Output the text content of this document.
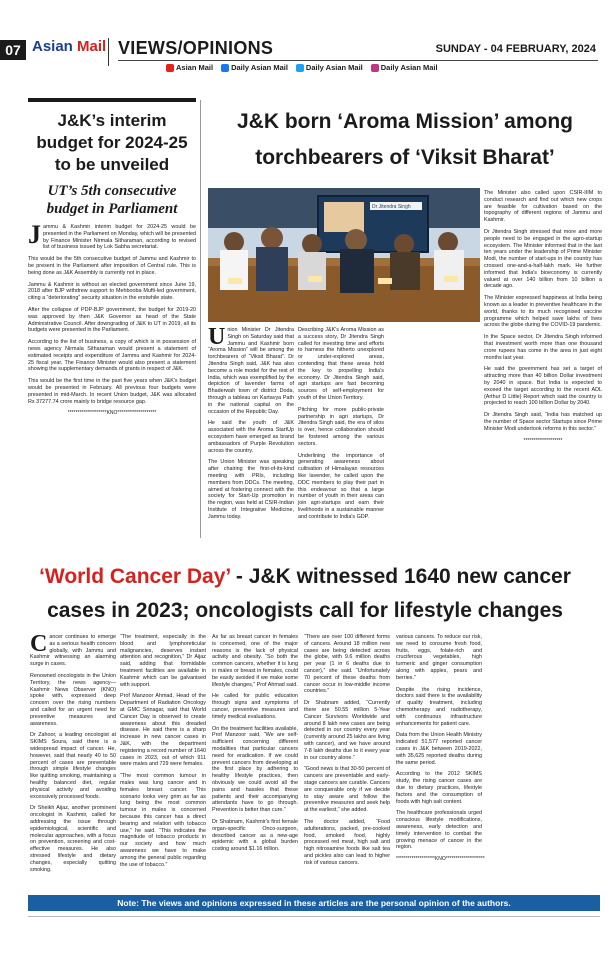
07 Asian Mail VIEWS/OPINIONS	SUNDAY - 04 FEBRUARY, 2024
Asian Mail Daily Asian Mail Daily Asian Mail Daily Asian Mail
J&K’s interim budget for 2024-25 to be unveiled
UT’s 5th consecutive budget in Parliament

Jammu & Kashmir interim budget for 2024-25 would be presented in the Parliament on Monday, which will be presented by Finance Minister Nirmala Sitharaman, according to revised list of business issued by Lok Sabha secretariat.

This would be the 5th consecutive budget of Jammu and Kashmir to be present in the Parliament after imposition of Central rule. This is being done as J&K Assembly is currently not in place.

Jammu & Kashmir is without an elected government since June 19, 2018 after BJP withdrew support to Mehbooba Mufti-led government, citing a “deteriorating” security situation in the erstwhile state.

After the collapse of PDP-BJP government, the budget for 2019-20 was approved by then J&K Governor as head of the State Administrative Council. After downgrading of J&K to UT in 2019, all its budgets were presented in the Parliament.

According to the list of business, a copy of which is in possession of news agency Nirmala Sitharaman would present a statement of estimated receipts and expenditure of Jammu and Kashmir for 2024-25 fiscal year. The Finance Minister would also present a statement showing the supplementary demands of grants in respect of J&K.

This would be the first time in the past five years when J&K's budget would be presented in February. All previous four budgets were presented in mid-March. In recent Union budget, J&K was allocated Rs 37277.74 crore mainly to bridge resource gap.

********************KNO********************
J&K born ‘Aroma Mission’ among torchbearers of ‘Viksit Bharat’
Dr Jitendra Singh

Union Minister Dr Jitendra Singh on Saturday said that Jammu and Kashmir born “Aroma Mission” will be among the torchbearers of “Viksit Bharat”. Dr Jitendra Singh said, J&K has also become a role model for the rest of India, which was exemplified by the depiction of lavender farms of Bhaderwah town of district Doda, through a tableau on Kartavya Path in the national capital on the occasion of the Republic Day.

He said the youth of J&K associated with the Aroma StartUp ecosystem have emerged as brand ambassadors of Purple Revolution across the country.

The Union Minister was speaking after chairing the first-of-its-kind meeting with PRIs, including members from DDCs. The meeting, aimed at fostering connect with the society for Start-Up promotion in the region, was held at CSIR-Indian Institute of Integrative Medicine, Jammu today.

Describing J&K's Aroma Mission as a success story, Dr Jitendra Singh called for investing time and efforts to harness the hitherto unexplored or under-explored areas, contending that these areas hold the key to propelling India's economy. Dr Jitendra Singh said, agri startups are fast becoming sources of self-employment for youth of the Union Territory.

Pitching for more public-private partnership in agri startups, Dr Jitendra Singh said, the era of silos is over, hence collaboration should be fostered among the various sectors.

Underlining the importance of generating awareness about cultivation of Himalayan resources like lavender, he called upon the DDC members to play their part in this endeavour so that a large number of youth in their areas can join agri-startups and earn their livelihoods in a sustainable manner and contribute to India's GDP.

The Minister also called upon CSIR-IIIM to conduct research and find out which new crops are feasible for cultivation based on the topography of different regions of Jammu and Kashmir.

Dr Jitendra Singh stressed that more and more people need to be engaged in the agro-startup ecosystem. The Minister informed that in the last ten years under the leadership of Prime Minister Modi, the number of start-ups in the country has crossed one-and-a-half-lakh mark. He further informed that India's bioeconomy is currently valued at over 140 billion from 10 billion a decade ago.

The Minister expressed happiness at India being known as a leader in preventive healthcare in the world, thanks to its much recognised vaccine programme which helped save lakhs of lives across the globe during the COVID-19 pandemic.

In the Space sector, Dr Jitendra Singh informed that investment worth more than one thousand crore rupees has come in the area in just eight months last year.

He said the government has set a target of attracting more than 40 billion Dollar investment by 2040 in space. But India is expected to exceed the target according to the recent ADL (Arthur D Little) Report which said the country is projected to reach 100 billion Dollar by 2040.

Dr Jitendra Singh said, “India has matched up the number of Space sector Startups since Prime Minister Modi undertook reforms in this sector.”

********************

‘World Cancer Day’ - J&K witnessed 1640 new cancer cases in 2023; oncologists call for lifestyle changes

Cancer continues to emerge as a serious health concern globally, with Jammu and Kashmir witnessing an alarming surge in cases.

Renowned oncologists in the Union Territory, the news agency—Kashmir News Observer (KNO) spoke with, expressed deep concern over the rising numbers and called for an urgent need for preventive measures and awareness.

Dr Zahoor, a leading oncologist at SKIMS Soura, said there is a widespread impact of cancer. He, however, said that nearly 40 to 50 percent of cases are preventable through simple lifestyle changes like quitting smoking, maintaining a healthy balanced diet, regular physical activity and avoiding excessively processed foods.

Dr Sheikh Aijaz, another prominent oncologist in Kashmir, called for addressing the issue through epidemiological, scientific and molecular approaches, with a focus on prevention, screening and cost-effective measures. He also stressed lifestyle and dietary changes, especially quitting smoking.

“The treatment, especially in the blood and lymphoreticular malignancies, deserves instant attention and recognition,” Dr Aijaz said, adding that formidable treatment facilities are available in Kashmir which can be galvanised with support.

Prof Manzoor Ahmad, Head of the Department of Radiation Oncology at GMC Srinagar, said that World Cancer Day is observed to create awareness about this dreaded disease. He said there is a sharp increase in new cancer cases in J&K, with the department registering a record number of 1640 cases in 2023, out of which 911 were males and 729 were females.

“The most common tumour in males was lung cancer and in females breast cancer. This scenario looks very grim as far as lung being the most common tumour in males is concerned because this cancer has a direct bearing and relation with tobacco use,” he said. “This indicates the magnitude of tobacco products in our society and how much awareness we have to make among the general public regarding the use of tobacco.”

As far as breast cancer in females is concerned, one of the major reasons is the lack of physical activity and obesity. “So both the common cancers, whether it is lung in males or breast in females, could be easily avoided if we make some lifestyle changes,” Prof Ahmad said.

He called for public education through signs and symptoms of cancer, preventive measures and timely medical evaluations.

On the treatment facilities available, Prof Manzoor said, “We are self-sufficient concerning different modalities that particular cancers need for eradication. If we could prevent cancers from developing at the first place by adhering to healthy lifestyle practices, then obviously we could avoid all the pains and hassles that these patients and their accompanying attendants have to go through. Prevention is better than cure.”

Dr Shabnam, Kashmir's first female organ-specific Onco-surgeon, described cancer as a new-age epidemic with a global burden costing around $1.16 trillion.

“There are over 100 different forms of cancers. Around 18 million new cases are being detected across the globe, with 9.6 million deaths per year (1 in 6 deaths due to cancer),” she said. “Unfortunately 70 percent of these deaths from cancer occur in low-middle income countries.”

Dr Shabnam added, “Currently there are 50.55 million 5-Year Cancer Survivors Worldwide and around 8 lakh new cases are being detected in our country every year (currently around 25 lakhs are living with cancer), and we have around 7-8 lakh deaths due to it every year in our country alone.”

“Good news is that 30-50 percent of cancers are preventable and early-stage cancers are curable. Cancers are conquerable only if we decide to stay aware and follow the preventive measures and seek help at the earliest,” she added.

The doctor added, “Food adulterations, packed, pre-cooked food, smoked food, highly processed red meat, high salt and high nitrosamine foods like salt tea and pickles also can lead to higher risk of various cancers.

various cancers. To reduce our risk, we need to consume fresh food, fruits, eggs, folate-rich and cruciferous vegetables, high turmeric and ginger consumption along with apples, pears and berries.”

Despite the rising incidence, doctors said there is the availability of quality treatment, including chemotherapy and radiotherapy, with continuous infrastructure enhancements for patient care.

Data from the Union Health Ministry indicated 51,577 reported cancer cases in J&K between 2019-2022, with 35,625 reported deaths during the same period.

According to the 2012 SKIMS study, the rising cancer cases are due to dietary practices, lifestyle factors and the consumption of foods with high salt content.

The healthcare professionals urged conscious lifestyle modifications, awareness, early detection and timely intervention to combat the growing menace of cancer in the region.

********************KNO********************

Note: The views and opinions expressed in these articles are the personal opinion of the authors.
